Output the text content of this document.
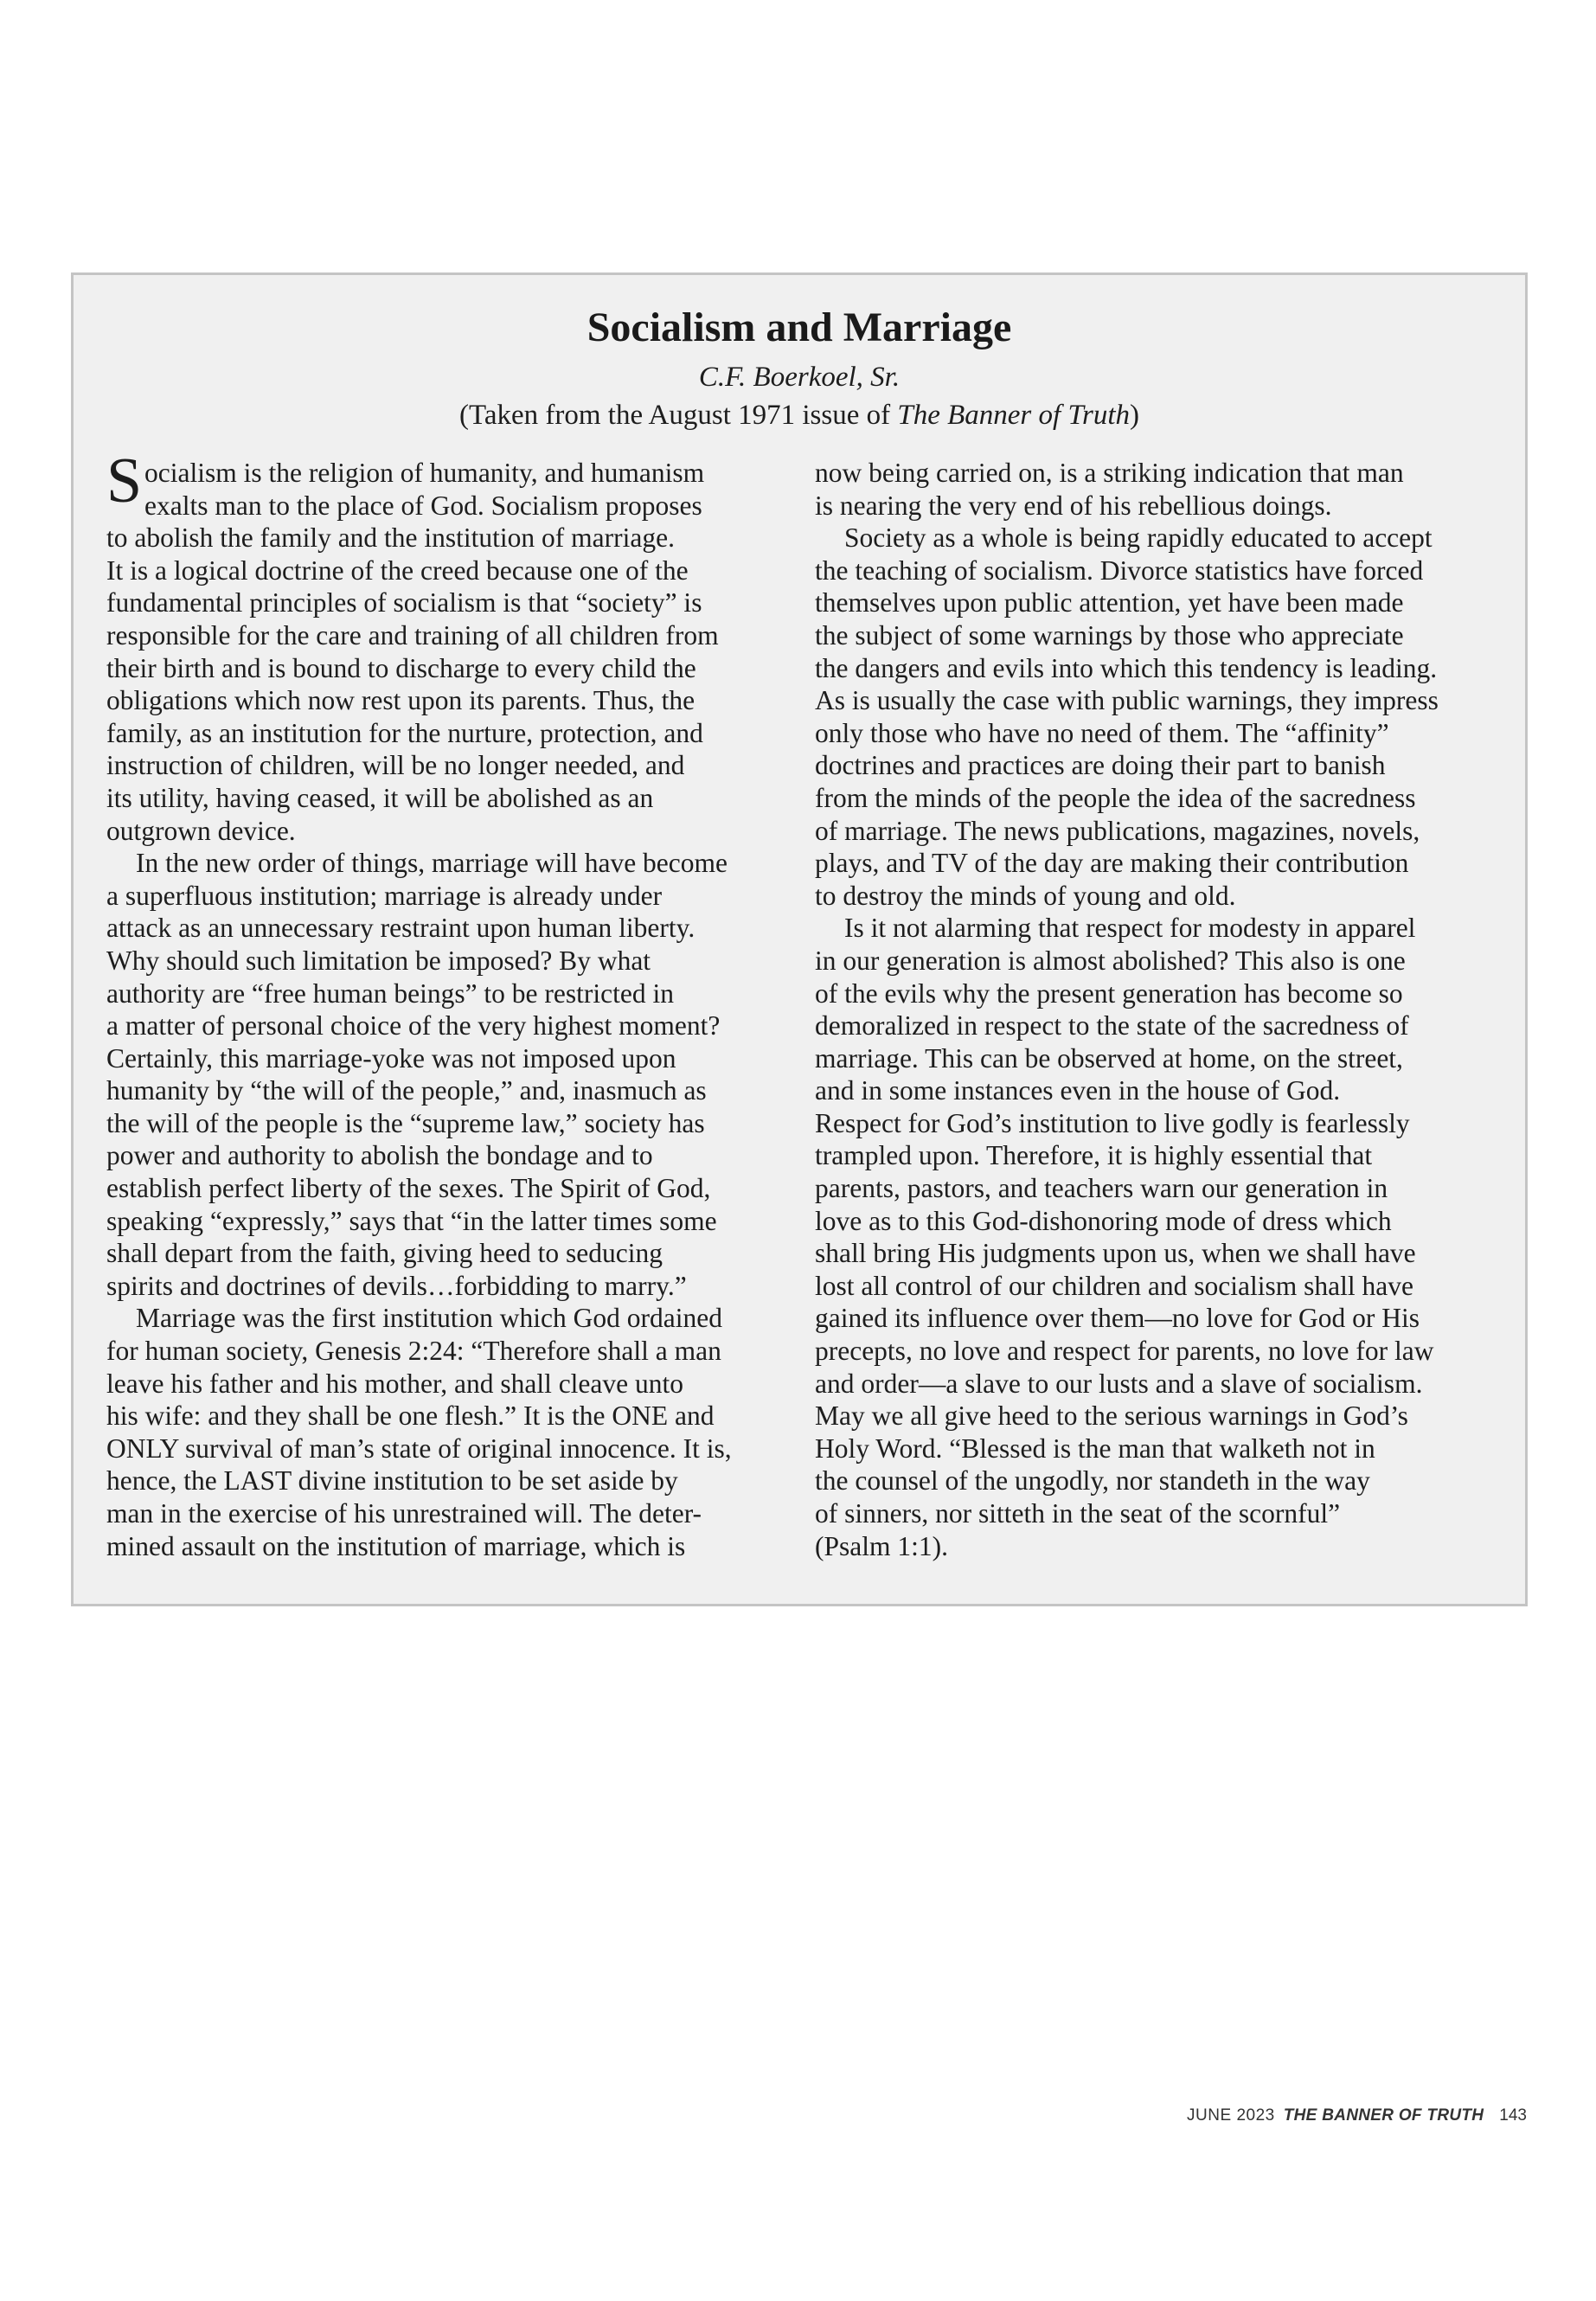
Socialism and Marriage
C.F. Boerkoel, Sr.
(Taken from the August 1971 issue of The Banner of Truth)
Socialism is the religion of humanity, and humanism
exalts man to the place of God. Socialism proposes
to abolish the family and the institution of marriage.
It is a logical doctrine of the creed because one of the
fundamental principles of socialism is that “society” is
responsible for the care and training of all children from
their birth and is bound to discharge to every child the
obligations which now rest upon its parents. Thus, the
family, as an institution for the nurture, protection, and
instruction of children, will be no longer needed, and
its utility, having ceased, it will be abolished as an
outgrown device.
In the new order of things, marriage will have become
a superfluous institution; marriage is already under
attack as an unnecessary restraint upon human liberty.
Why should such limitation be imposed? By what
authority are “free human beings” to be restricted in
a matter of personal choice of the very highest moment?
Certainly, this marriage-yoke was not imposed upon
humanity by “the will of the people,” and, inasmuch as
the will of the people is the “supreme law,” society has
power and authority to abolish the bondage and to
establish perfect liberty of the sexes. The Spirit of God,
speaking “expressly,” says that “in the latter times some
shall depart from the faith, giving heed to seducing
spirits and doctrines of devils…forbidding to marry.”
Marriage was the first institution which God ordained
for human society, Genesis 2:24: “Therefore shall a man
leave his father and his mother, and shall cleave unto
his wife: and they shall be one flesh.” It is the ONE and
ONLY survival of man’s state of original innocence. It is,
hence, the LAST divine institution to be set aside by
man in the exercise of his unrestrained will. The deter-
mined assault on the institution of marriage, which is
now being carried on, is a striking indication that man
is nearing the very end of his rebellious doings.
Society as a whole is being rapidly educated to accept
the teaching of socialism. Divorce statistics have forced
themselves upon public attention, yet have been made
the subject of some warnings by those who appreciate
the dangers and evils into which this tendency is leading.
As is usually the case with public warnings, they impress
only those who have no need of them. The “affinity”
doctrines and practices are doing their part to banish
from the minds of the people the idea of the sacredness
of marriage. The news publications, magazines, novels,
plays, and TV of the day are making their contribution
to destroy the minds of young and old.
Is it not alarming that respect for modesty in apparel
in our generation is almost abolished? This also is one
of the evils why the present generation has become so
demoralized in respect to the state of the sacredness of
marriage. This can be observed at home, on the street,
and in some instances even in the house of God.
Respect for God’s institution to live godly is fearlessly
trampled upon. Therefore, it is highly essential that
parents, pastors, and teachers warn our generation in
love as to this God-dishonoring mode of dress which
shall bring His judgments upon us, when we shall have
lost all control of our children and socialism shall have
gained its influence over them—no love for God or His
precepts, no love and respect for parents, no love for law
and order—a slave to our lusts and a slave of socialism.
May we all give heed to the serious warnings in God’s
Holy Word. “Blessed is the man that walketh not in
the counsel of the ungodly, nor standeth in the way
of sinners, nor sitteth in the seat of the scornful”
(Psalm 1:1).
JUNE 2023 THE BANNER OF TRUTH 143
